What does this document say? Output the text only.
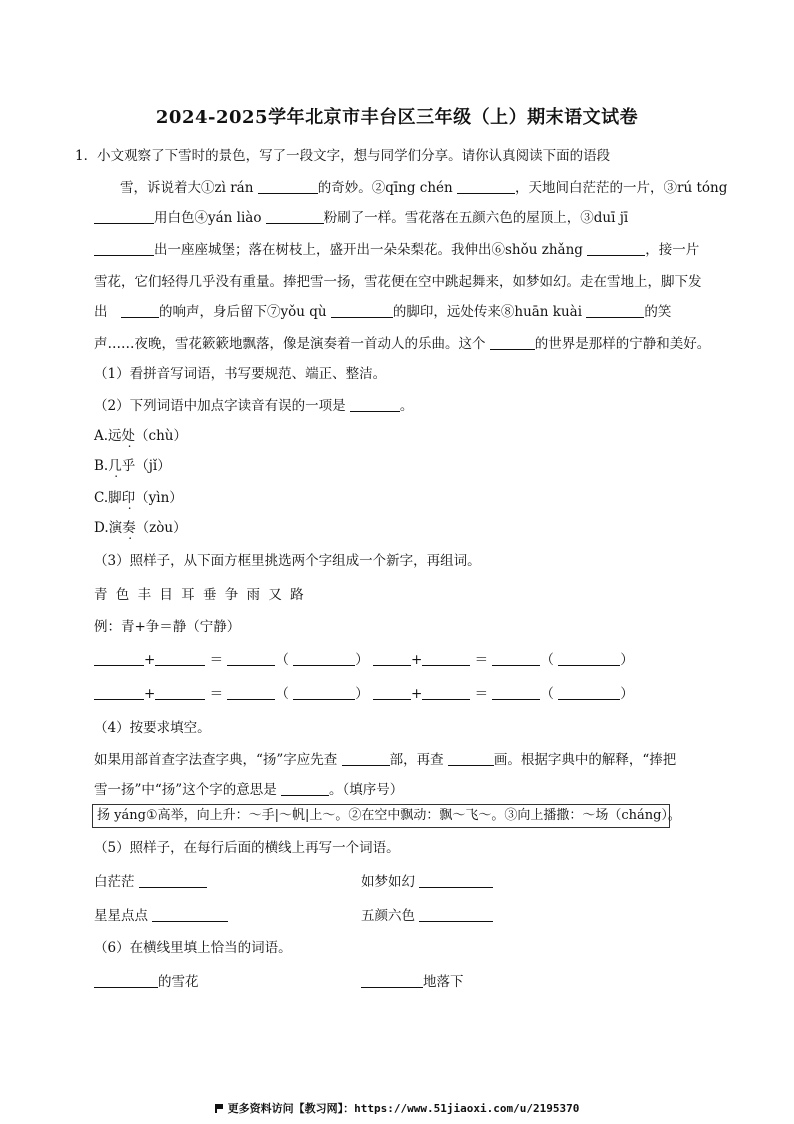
2024-2025学年北京市丰台区三年级（上）期末语文试卷
1．小文观察了下雪时的景色，写了一段文字，想与同学们分享。请你认真阅读下面的语段
雪，诉说着大①zì rán	的奇妙。②qīng chén	，天地间白茫茫的一片，③rú tóng
用白色④yán liào	粉刷了一样。雪花落在五颜六色的屋顶上，③duī jī
出一座座城堡；落在树枝上，盛开出一朵朵梨花。我伸出⑥shǒu zhǎng	，接一片
雪花，它们轻得几乎没有重量。捧把雪一扬，雪花便在空中跳起舞来，如梦如幻。走在雪地上，脚下发
出　	的响声，身后留下⑦yǒu qù	的脚印，远处传来⑧huān kuài	的笑
声……夜晚，雪花簌簌地飘落，像是演奏着一首动人的乐曲。这个	的世界是那样的宁静和美好。
（1）看拼音写词语，书写要规范、端正、整洁。
（2）下列词语中加点字读音有误的一项是	。
A.远处（chù）
B.几乎（jǐ）
C.脚印（yìn）
D.演奏（zòu）
（3）照样子，从下面方框里挑选两个字组成一个新字，再组词。
青 色 丰 目 耳 垂 争 雨 又 路
例：青+争＝静（宁静）
+	＝	（	）	+	＝	（	）
+	＝	（	）	+	＝	（	）
（4）按要求填空。
如果用部首查字法查字典，“扬”字应先查	部，再查	画。根据字典中的解释，“捧把
雪一扬”中“扬”这个字的意思是	。（填序号）
扬 yáng①高举，向上升：～手|～帆|上～。②在空中飘动：飘～飞～。③向上播撒：～场（cháng）。
（5）照样子，在每行后面的横线上再写一个词语。
白茫茫	如梦如幻
星星点点	五颜六色
（6）在横线里填上恰当的词语。
的雪花	地落下
更多资料访问【教习网】：https://www.51jiaoxi.com/u/2195370
